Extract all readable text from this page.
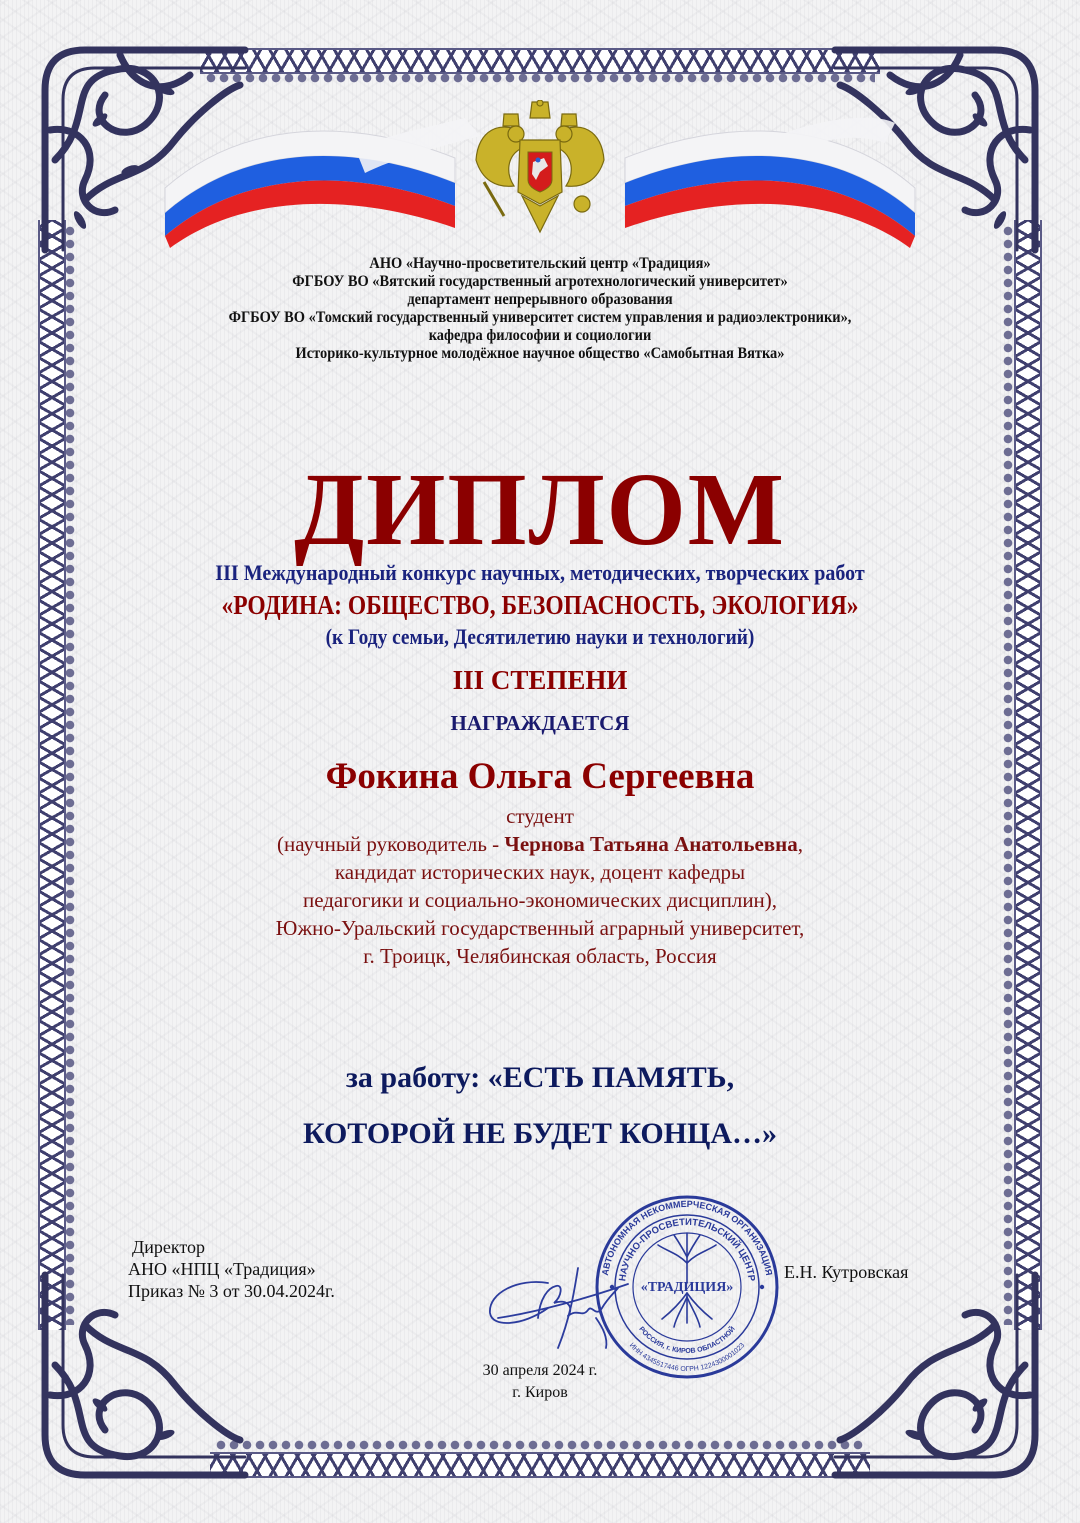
АНО «Научно-просветительский центр «Традиция»
ФГБОУ ВО «Вятский государственный агротехнологический университет»
департамент непрерывного образования
ФГБОУ ВО «Томский государственный университет систем управления и радиоэлектроники»,
кафедра философии и социологии
Историко-культурное молодёжное научное общество «Самобытная Вятка»
ДИПЛОМ
III Международный конкурс научных, методических, творческих работ
«РОДИНА: ОБЩЕСТВО, БЕЗОПАСНОСТЬ, ЭКОЛОГИЯ»
(к Году семьи, Десятилетию науки и технологий)
III СТЕПЕНИ
НАГРАЖДАЕТСЯ
Фокина Ольга Сергеевна
студент
(научный руководитель - Чернова Татьяна Анатольевна,
кандидат исторических наук, доцент кафедры
педагогики и социально-экономических дисциплин),
Южно-Уральский государственный аграрный университет,
г. Троицк, Челябинская область, Россия
за работу: «ЕСТЬ ПАМЯТЬ,
КОТОРОЙ НЕ БУДЕТ КОНЦА…»
Директор
АНО «НПЦ «Традиция»
Приказ № 3 от 30.04.2024г.
АВТОНОМНАЯ НЕКОММЕРЧЕСКАЯ ОРГАНИЗАЦИЯ
НАУЧНО-ПРОСВЕТИТЕЛЬСКИЙ ЦЕНТР
РОССИЯ, г. КИРОВ ОБЛАСТНОЙ
ИНН 4345517446 ОГРН 1224300001023
«ТРАДИЦИЯ»
Е.Н. Кутровская
30 апреля 2024 г.
г. Киров
